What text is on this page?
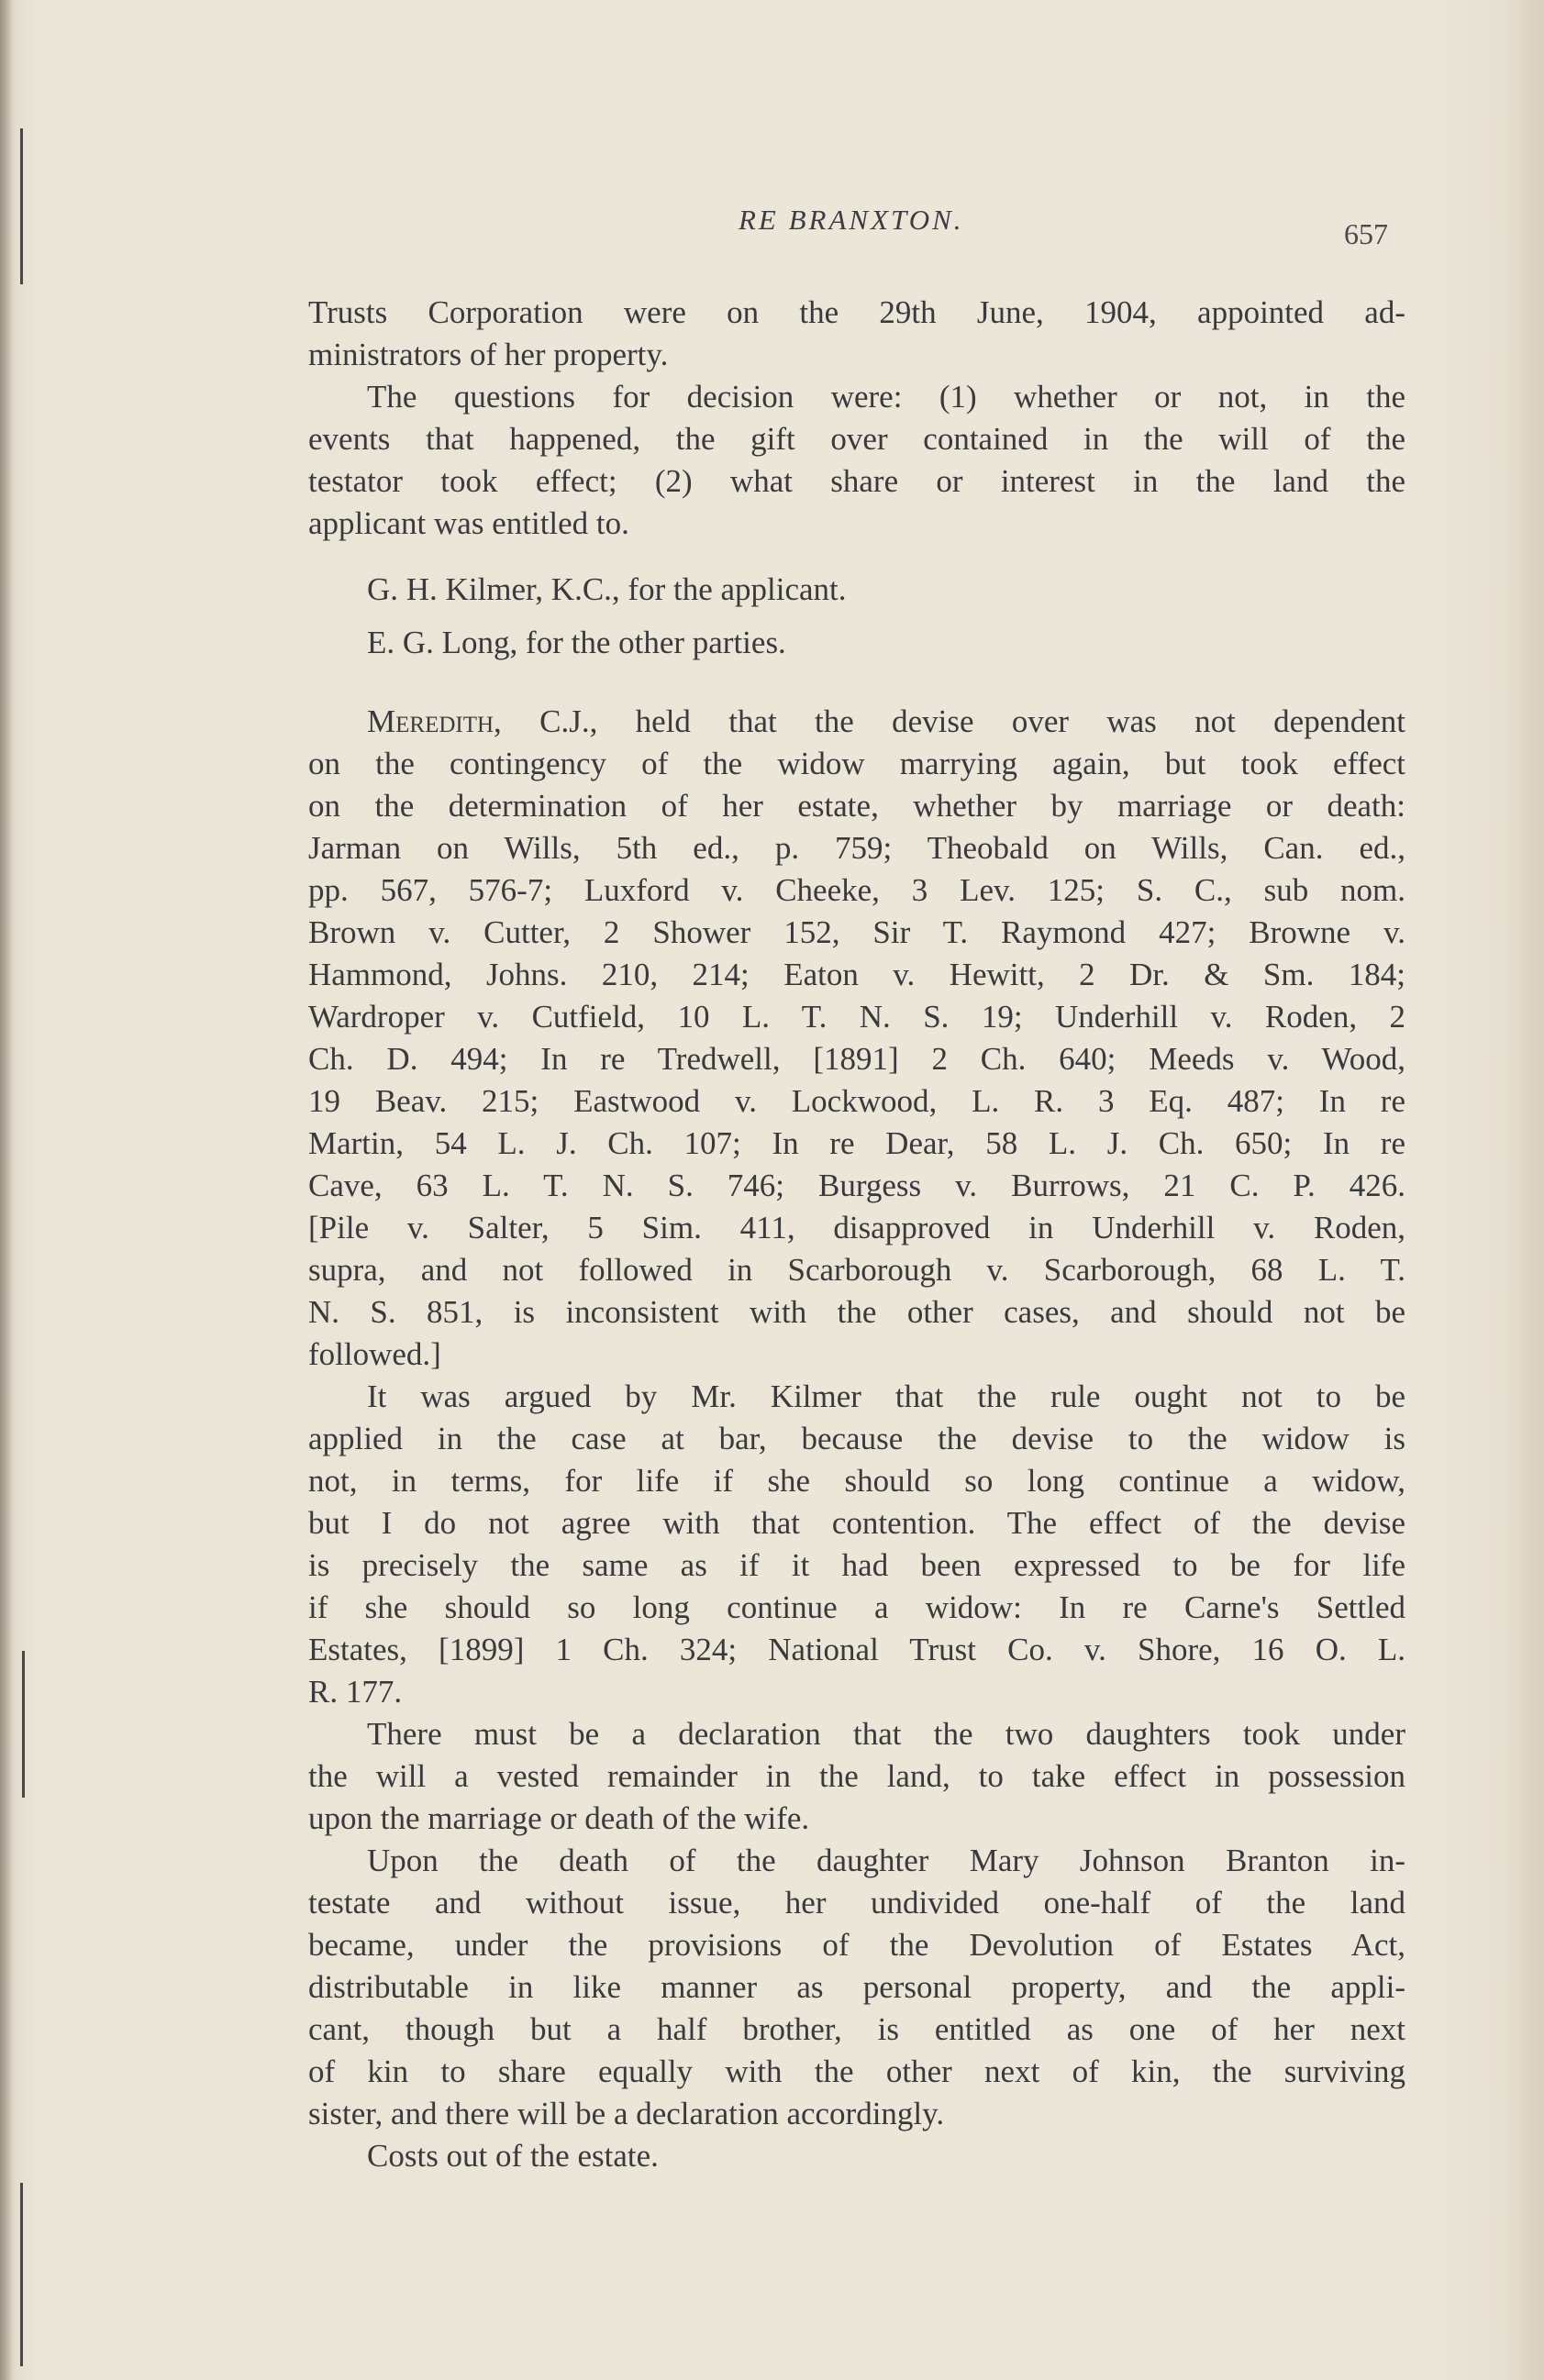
RE BRANXTON.	657
Trusts Corporation were on the 29th June, 1904, appointed ad-
ministrators of her property.
The questions for decision were: (1) whether or not, in the
events that happened, the gift over contained in the will of the
testator took effect; (2) what share or interest in the land the
applicant was entitled to.
G. H. Kilmer, K.C., for the applicant.
E. G. Long, for the other parties.
Meredith, C.J., held that the devise over was not dependent
on the contingency of the widow marrying again, but took effect
on the determination of her estate, whether by marriage or death:
Jarman on Wills, 5th ed., p. 759; Theobald on Wills, Can. ed.,
pp. 567, 576-7; Luxford v. Cheeke, 3 Lev. 125; S. C., sub nom.
Brown v. Cutter, 2 Shower 152, Sir T. Raymond 427; Browne v.
Hammond, Johns. 210, 214; Eaton v. Hewitt, 2 Dr. & Sm. 184;
Wardroper v. Cutfield, 10 L. T. N. S. 19; Underhill v. Roden, 2
Ch. D. 494; In re Tredwell, [1891] 2 Ch. 640; Meeds v. Wood,
19 Beav. 215; Eastwood v. Lockwood, L. R. 3 Eq. 487; In re
Martin, 54 L. J. Ch. 107; In re Dear, 58 L. J. Ch. 650; In re
Cave, 63 L. T. N. S. 746; Burgess v. Burrows, 21 C. P. 426.
[Pile v. Salter, 5 Sim. 411, disapproved in Underhill v. Roden,
supra, and not followed in Scarborough v. Scarborough, 68 L. T.
N. S. 851, is inconsistent with the other cases, and should not be
followed.]
It was argued by Mr. Kilmer that the rule ought not to be
applied in the case at bar, because the devise to the widow is
not, in terms, for life if she should so long continue a widow,
but I do not agree with that contention. The effect of the devise
is precisely the same as if it had been expressed to be for life
if she should so long continue a widow: In re Carne's Settled
Estates, [1899] 1 Ch. 324; National Trust Co. v. Shore, 16 O. L.
R. 177.
There must be a declaration that the two daughters took under
the will a vested remainder in the land, to take effect in possession
upon the marriage or death of the wife.
Upon the death of the daughter Mary Johnson Branton in-
testate and without issue, her undivided one-half of the land
became, under the provisions of the Devolution of Estates Act,
distributable in like manner as personal property, and the appli-
cant, though but a half brother, is entitled as one of her next
of kin to share equally with the other next of kin, the surviving
sister, and there will be a declaration accordingly.
Costs out of the estate.
